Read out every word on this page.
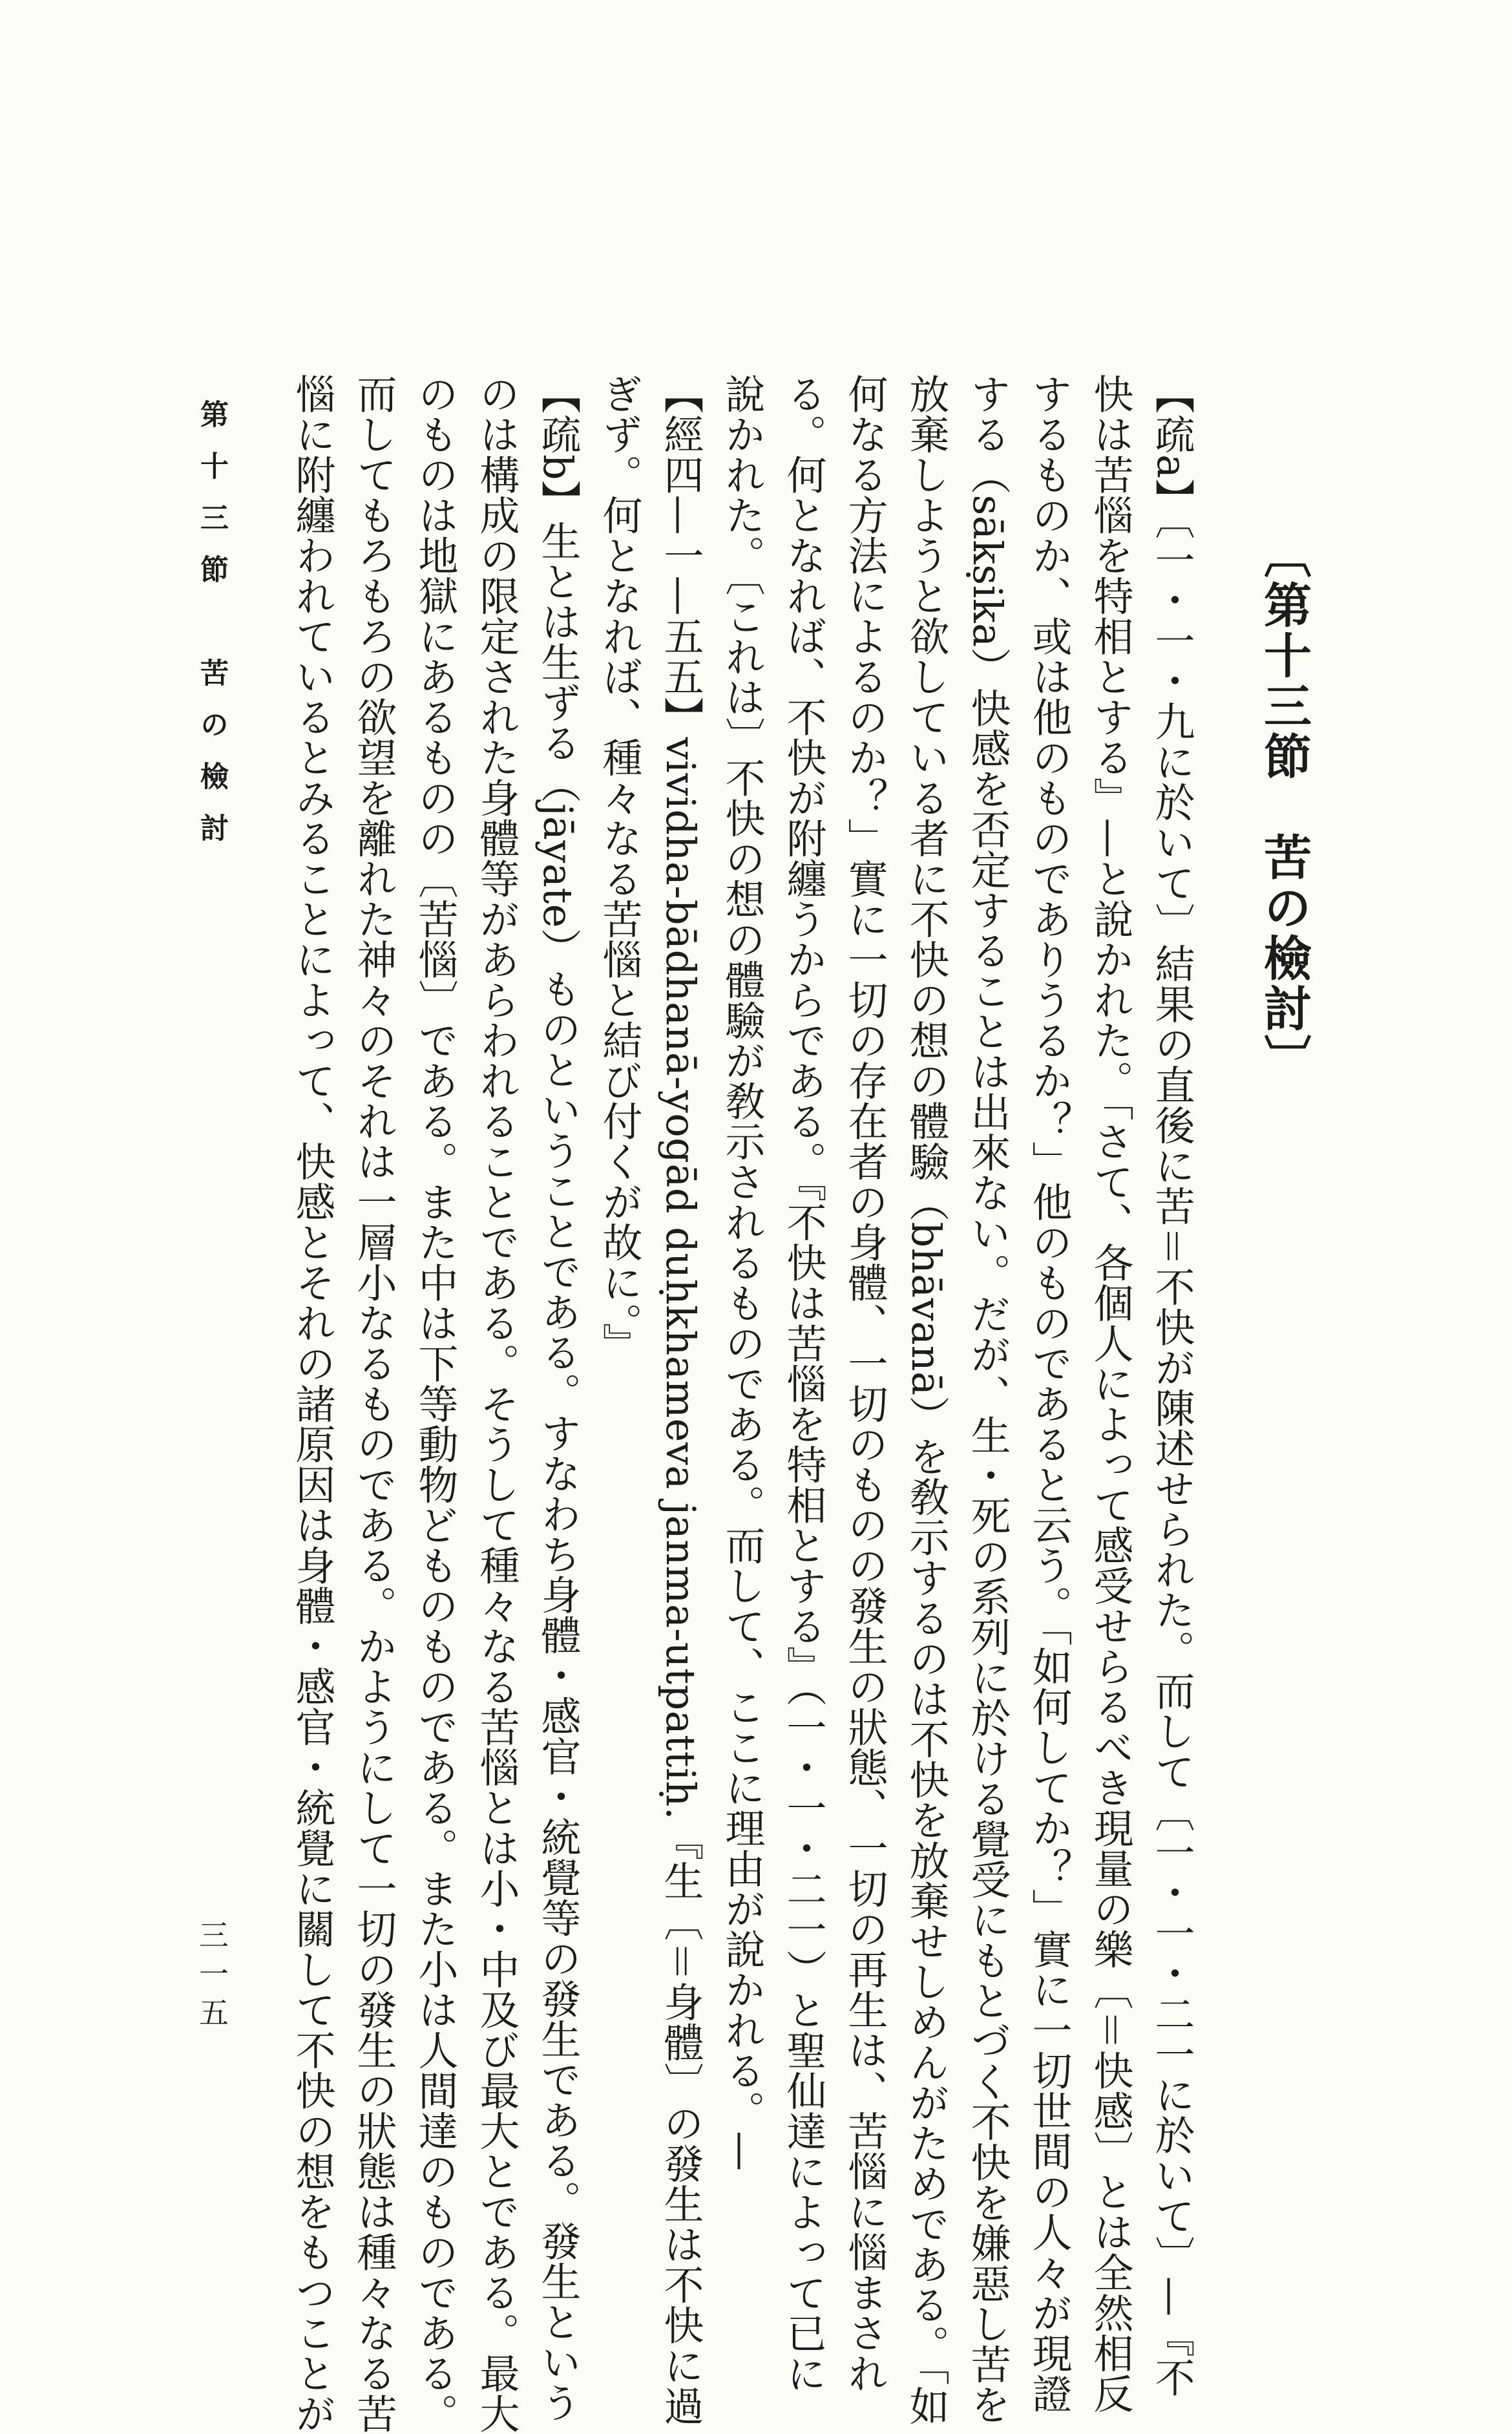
〔第十三節　苦の檢討〕
【疏a】〔一・一・九に於いて〕結果の直後に苦＝不快が陳述せられた。而して〔一・一・二一に於いて〕—『不
快は苦惱を特相とする』—と說かれた。「さて、各個人によって感受せらるべき現量の樂〔＝快感〕とは全然相反
するものか、或は他のものでありうるか？」他のものであると云う。「如何してか？」實に一切世間の人々が現證
する（sākṣika）快感を否定することは出來ない。だが、生・死の系列に於ける覺受にもとづく不快を嫌惡し苦を
放棄しようと欲している者に不快の想の體驗（bhāvanā）を敎示するのは不快を放棄せしめんがためである。「如
何なる方法によるのか？」實に一切の存在者の身體、一切のものの發生の狀態、一切の再生は、苦惱に惱まされ
る。何となれば、不快が附纏うからである。『不快は苦惱を特相とする』（一・一・二一）と聖仙達によって已に
說かれた。〔これは〕不快の想の體驗が敎示されるものである。而して、ここに理由が說かれる。—
【經四—一—五五】vividha-bādhanā-yogād duḥkhameva janma-utpattiḥ.『生〔＝身體〕の發生は不快に過
ぎず。何となれば、種々なる苦惱と結び付くが故に。』
【疏b】生とは生ずる（jāyate）ものということである。すなわち身體・感官・統覺等の發生である。發生という
のは構成の限定された身體等があらわれることである。そうして種々なる苦惱とは小・中及び最大とである。最大
のものは地獄にあるものの〔苦惱〕である。また中は下等動物どものものである。また小は人間達のものである。
而してもろもろの欲望を離れた神々のそれは一層小なるものである。かようにして一切の發生の狀態は種々なる苦
惱に附纏われているとみることによって、快感とそれの諸原因は身體・感官・統覺に關して不快の想をもつことが
第十三節　苦の檢討
三一五
